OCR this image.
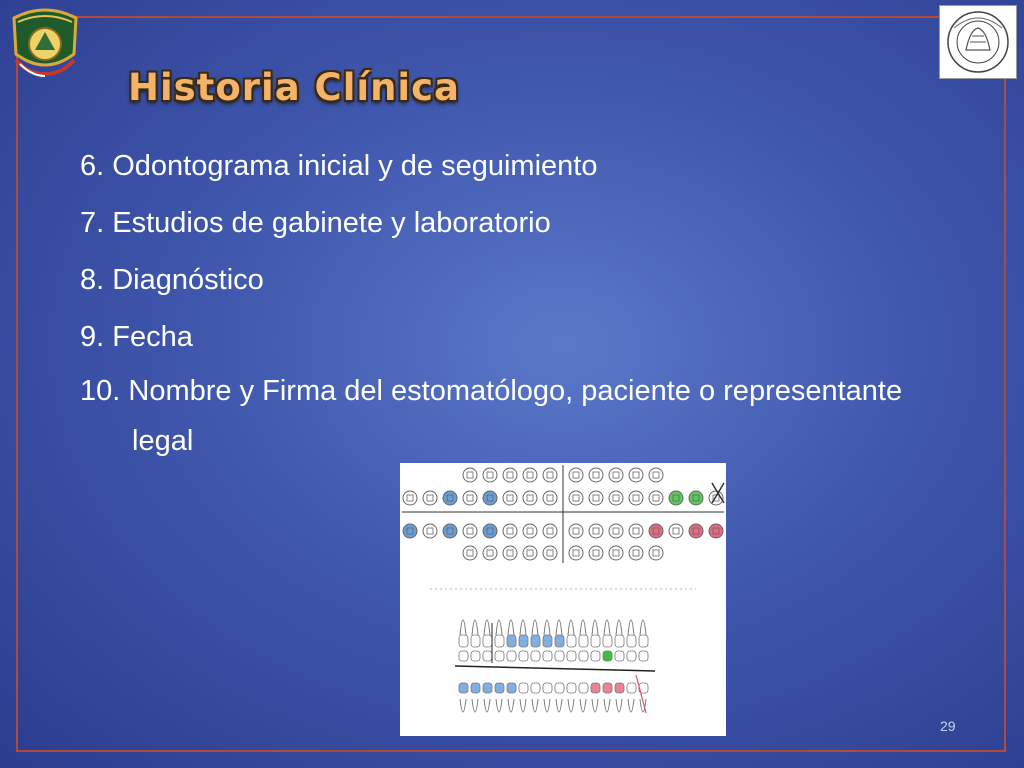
Historia Clínica
6. Odontograma inicial y de seguimiento
7. Estudios de gabinete y laboratorio
8. Diagnóstico
9. Fecha
10. Nombre y Firma del estomatólogo, paciente o representante legal
29
